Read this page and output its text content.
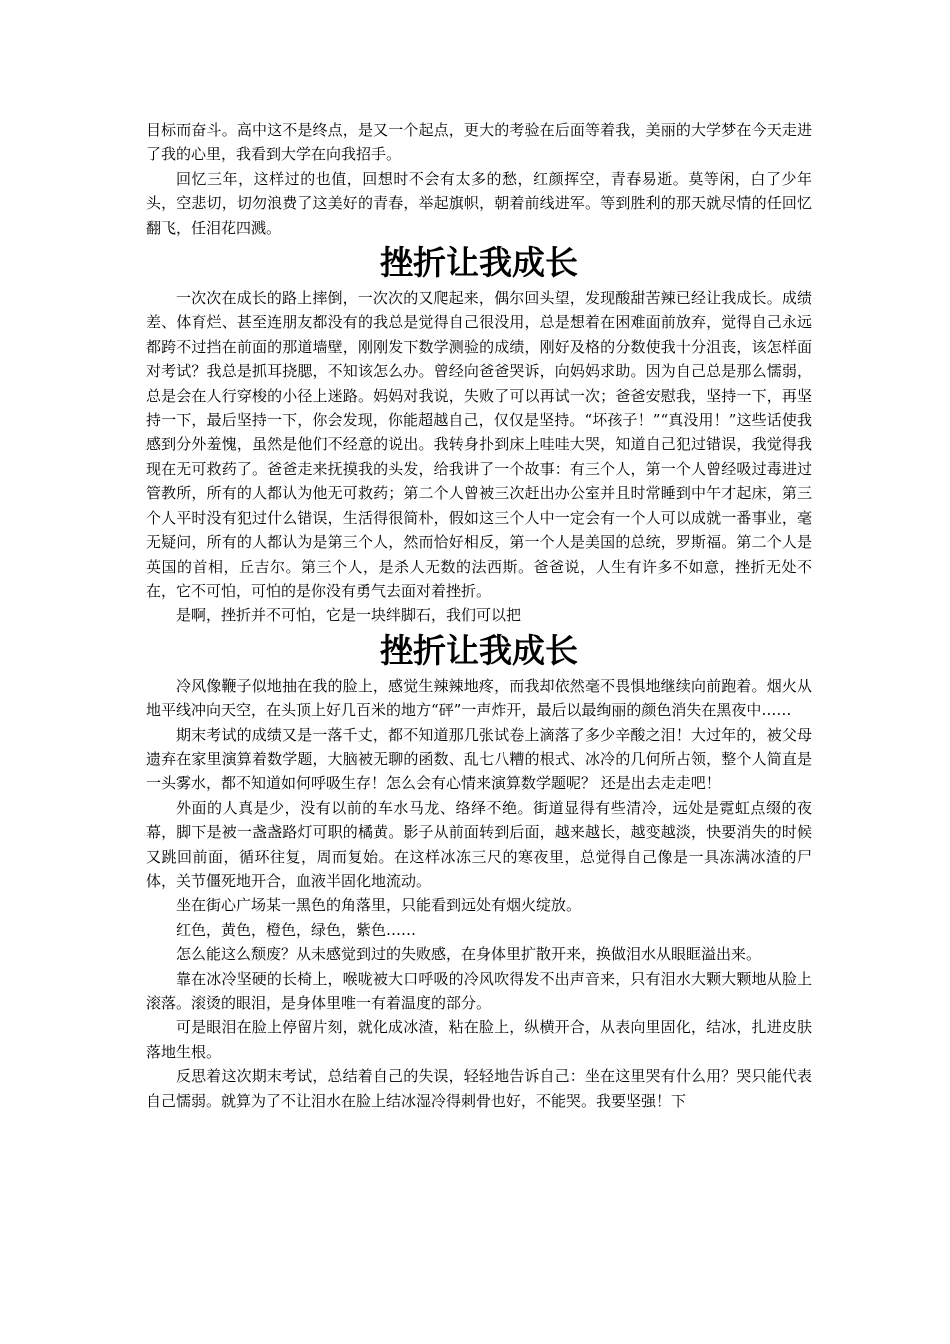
目标而奋斗。高中这不是终点，是又一个起点，更大的考验在后面等着我，美丽的大学梦在今天走进了我的心里，我看到大学在向我招手。

回忆三年，这样过的也值，回想时不会有太多的愁，红颜挥空，青春易逝。莫等闲，白了少年头，空悲切，切勿浪费了这美好的青春，举起旗帜，朝着前线进军。等到胜利的那天就尽情的任回忆翻飞，任泪花四溅。

挫折让我成长

一次次在成长的路上摔倒，一次次的又爬起来，偶尔回头望，发现酸甜苦辣已经让我成长。成绩差、体育烂、甚至连朋友都没有的我总是觉得自己很没用，总是想着在困难面前放弃，觉得自己永远都跨不过挡在前面的那道墙壁，刚刚发下数学测验的成绩，刚好及格的分数使我十分沮丧，该怎样面对考试？我总是抓耳挠腮，不知该怎么办。曾经向爸爸哭诉，向妈妈求助。因为自己总是那么懦弱，总是会在人行穿梭的小径上迷路。妈妈对我说，失败了可以再试一次；爸爸安慰我，坚持一下，再坚持一下，最后坚持一下，你会发现，你能超越自己，仅仅是坚持。“坏孩子！”“真没用！”这些话使我感到分外羞愧，虽然是他们不经意的说出。我转身扑到床上哇哇大哭，知道自己犯过错误，我觉得我现在无可救药了。爸爸走来抚摸我的头发，给我讲了一个故事：有三个人，第一个人曾经吸过毒进过管教所，所有的人都认为他无可救药；第二个人曾被三次赶出办公室并且时常睡到中午才起床，第三个人平时没有犯过什么错误，生活得很简朴，假如这三个人中一定会有一个人可以成就一番事业，毫无疑问，所有的人都认为是第三个人，然而恰好相反，第一个人是美国的总统，罗斯福。第二个人是英国的首相，丘吉尔。第三个人，是杀人无数的法西斯。爸爸说，人生有许多不如意，挫折无处不在，它不可怕，可怕的是你没有勇气去面对着挫折。

是啊，挫折并不可怕，它是一块绊脚石，我们可以把

挫折让我成长

冷风像鞭子似地抽在我的脸上，感觉生辣辣地疼，而我却依然毫不畏惧地继续向前跑着。烟火从地平线冲向天空，在头顶上好几百米的地方“砰”一声炸开，最后以最绚丽的颜色消失在黑夜中……

期末考试的成绩又是一落千丈，都不知道那几张试卷上滴落了多少辛酸之泪！大过年的，被父母遗弃在家里演算着数学题，大脑被无聊的函数、乱七八糟的根式、冰冷的几何所占领，整个人简直是一头雾水，都不知道如何呼吸生存！怎么会有心情来演算数学题呢？ 还是出去走走吧！

外面的人真是少，没有以前的车水马龙、络绎不绝。街道显得有些清冷，远处是霓虹点缀的夜幕，脚下是被一盏盏路灯可职的橘黄。影子从前面转到后面，越来越长，越变越淡，快要消失的时候又跳回前面，循环往复，周而复始。在这样冰冻三尺的寒夜里，总觉得自己像是一具冻满冰渣的尸体，关节僵死地开合，血液半固化地流动。

坐在街心广场某一黑色的角落里，只能看到远处有烟火绽放。

红色，黄色，橙色，绿色，紫色……

怎么能这么颓废？从未感觉到过的失败感，在身体里扩散开来，换做泪水从眼眶溢出来。

靠在冰冷坚硬的长椅上，喉咙被大口呼吸的冷风吹得发不出声音来，只有泪水大颗大颗地从脸上滚落。滚烫的眼泪，是身体里唯一有着温度的部分。

可是眼泪在脸上停留片刻，就化成冰渣，粘在脸上，纵横开合，从表向里固化，结冰，扎进皮肤落地生根。

反思着这次期末考试，总结着自己的失误，轻轻地告诉自己：坐在这里哭有什么用？哭只能代表自己懦弱。就算为了不让泪水在脸上结冰湿冷得刺骨也好，不能哭。我要坚强！下
